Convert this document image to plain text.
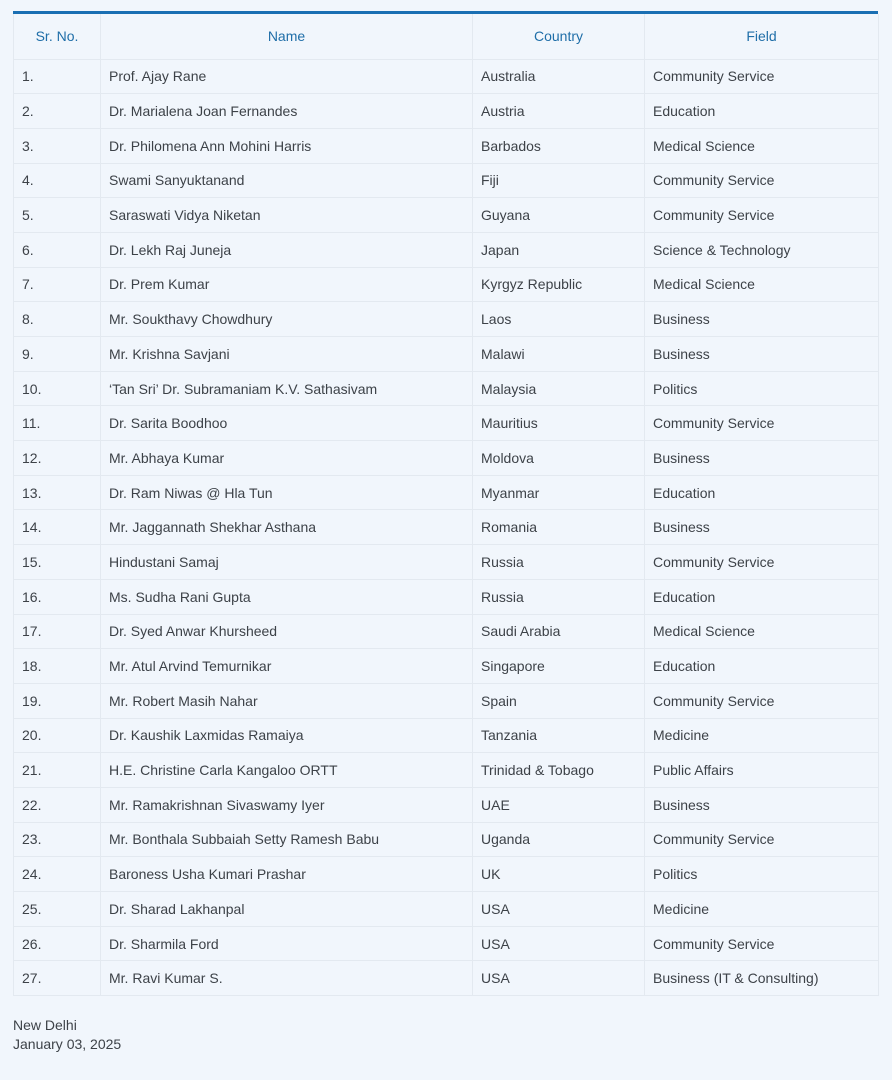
Sr. No.	Name	Country	Field
1.	Prof. Ajay Rane	Australia	Community Service
2.	Dr. Marialena Joan Fernandes	Austria	Education
3.	Dr. Philomena Ann Mohini Harris	Barbados	Medical Science
4.	Swami Sanyuktanand	Fiji	Community Service
5.	Saraswati Vidya Niketan	Guyana	Community Service
6.	Dr. Lekh Raj Juneja	Japan	Science & Technology
7.	Dr. Prem Kumar	Kyrgyz Republic	Medical Science
8.	Mr. Soukthavy Chowdhury	Laos	Business
9.	Mr. Krishna Savjani	Malawi	Business
10.	‘Tan Sri’ Dr. Subramaniam K.V. Sathasivam	Malaysia	Politics
11.	Dr. Sarita Boodhoo	Mauritius	Community Service
12.	Mr. Abhaya Kumar	Moldova	Business
13.	Dr. Ram Niwas @ Hla Tun	Myanmar	Education
14.	Mr. Jaggannath Shekhar Asthana	Romania	Business
15.	Hindustani Samaj	Russia	Community Service
16.	Ms. Sudha Rani Gupta	Russia	Education
17.	Dr. Syed Anwar Khursheed	Saudi Arabia	Medical Science
18.	Mr. Atul Arvind Temurnikar	Singapore	Education
19.	Mr. Robert Masih Nahar	Spain	Community Service
20.	Dr. Kaushik Laxmidas Ramaiya	Tanzania	Medicine
21.	H.E. Christine Carla Kangaloo ORTT	Trinidad & Tobago	Public Affairs
22.	Mr. Ramakrishnan Sivaswamy Iyer	UAE	Business
23.	Mr. Bonthala Subbaiah Setty Ramesh Babu	Uganda	Community Service
24.	Baroness Usha Kumari Prashar	UK	Politics
25.	Dr. Sharad Lakhanpal	USA	Medicine
26.	Dr. Sharmila Ford	USA	Community Service
27.	Mr. Ravi Kumar S.	USA	Business (IT & Consulting)
New Delhi
January 03, 2025
